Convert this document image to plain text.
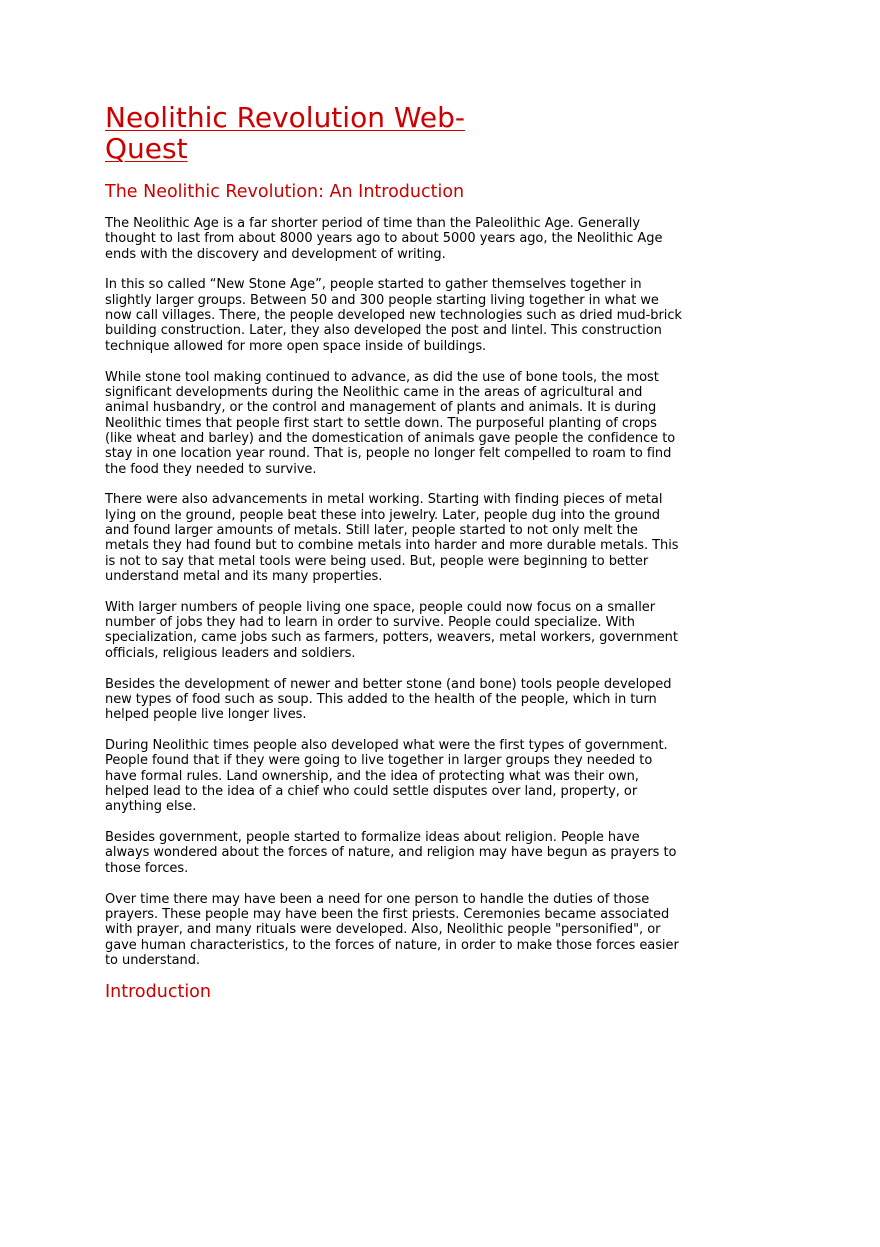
Neolithic Revolution Web-
Quest
The Neolithic Revolution: An Introduction

The Neolithic Age is a far shorter period of time than the Paleolithic Age. Generally
thought to last from about 8000 years ago to about 5000 years ago, the Neolithic Age
ends with the discovery and development of writing.

In this so called “New Stone Age”, people started to gather themselves together in
slightly larger groups. Between 50 and 300 people starting living together in what we
now call villages. There, the people developed new technologies such as dried mud-brick
building construction. Later, they also developed the post and lintel. This construction
technique allowed for more open space inside of buildings.

While stone tool making continued to advance, as did the use of bone tools, the most
significant developments during the Neolithic came in the areas of agricultural and
animal husbandry, or the control and management of plants and animals. It is during
Neolithic times that people first start to settle down. The purposeful planting of crops
(like wheat and barley) and the domestication of animals gave people the confidence to
stay in one location year round. That is, people no longer felt compelled to roam to find
the food they needed to survive.

There were also advancements in metal working. Starting with finding pieces of metal
lying on the ground, people beat these into jewelry. Later, people dug into the ground
and found larger amounts of metals. Still later, people started to not only melt the
metals they had found but to combine metals into harder and more durable metals. This
is not to say that metal tools were being used. But, people were beginning to better
understand metal and its many properties.

With larger numbers of people living one space, people could now focus on a smaller
number of jobs they had to learn in order to survive. People could specialize. With
specialization, came jobs such as farmers, potters, weavers, metal workers, government
ofﬁcials, religious leaders and soldiers.

Besides the development of newer and better stone (and bone) tools people developed
new types of food such as soup. This added to the health of the people, which in turn
helped people live longer lives.

During Neolithic times people also developed what were the first types of government.
People found that if they were going to live together in larger groups they needed to
have formal rules. Land ownership, and the idea of protecting what was their own,
helped lead to the idea of a chief who could settle disputes over land, property, or
anything else.

Besides government, people started to formalize ideas about religion. People have
always wondered about the forces of nature, and religion may have begun as prayers to
those forces.

Over time there may have been a need for one person to handle the duties of those
prayers. These people may have been the first priests. Ceremonies became associated
with prayer, and many rituals were developed. Also, Neolithic people "personified", or
gave human characteristics, to the forces of nature, in order to make those forces easier
to understand.

Introduction
